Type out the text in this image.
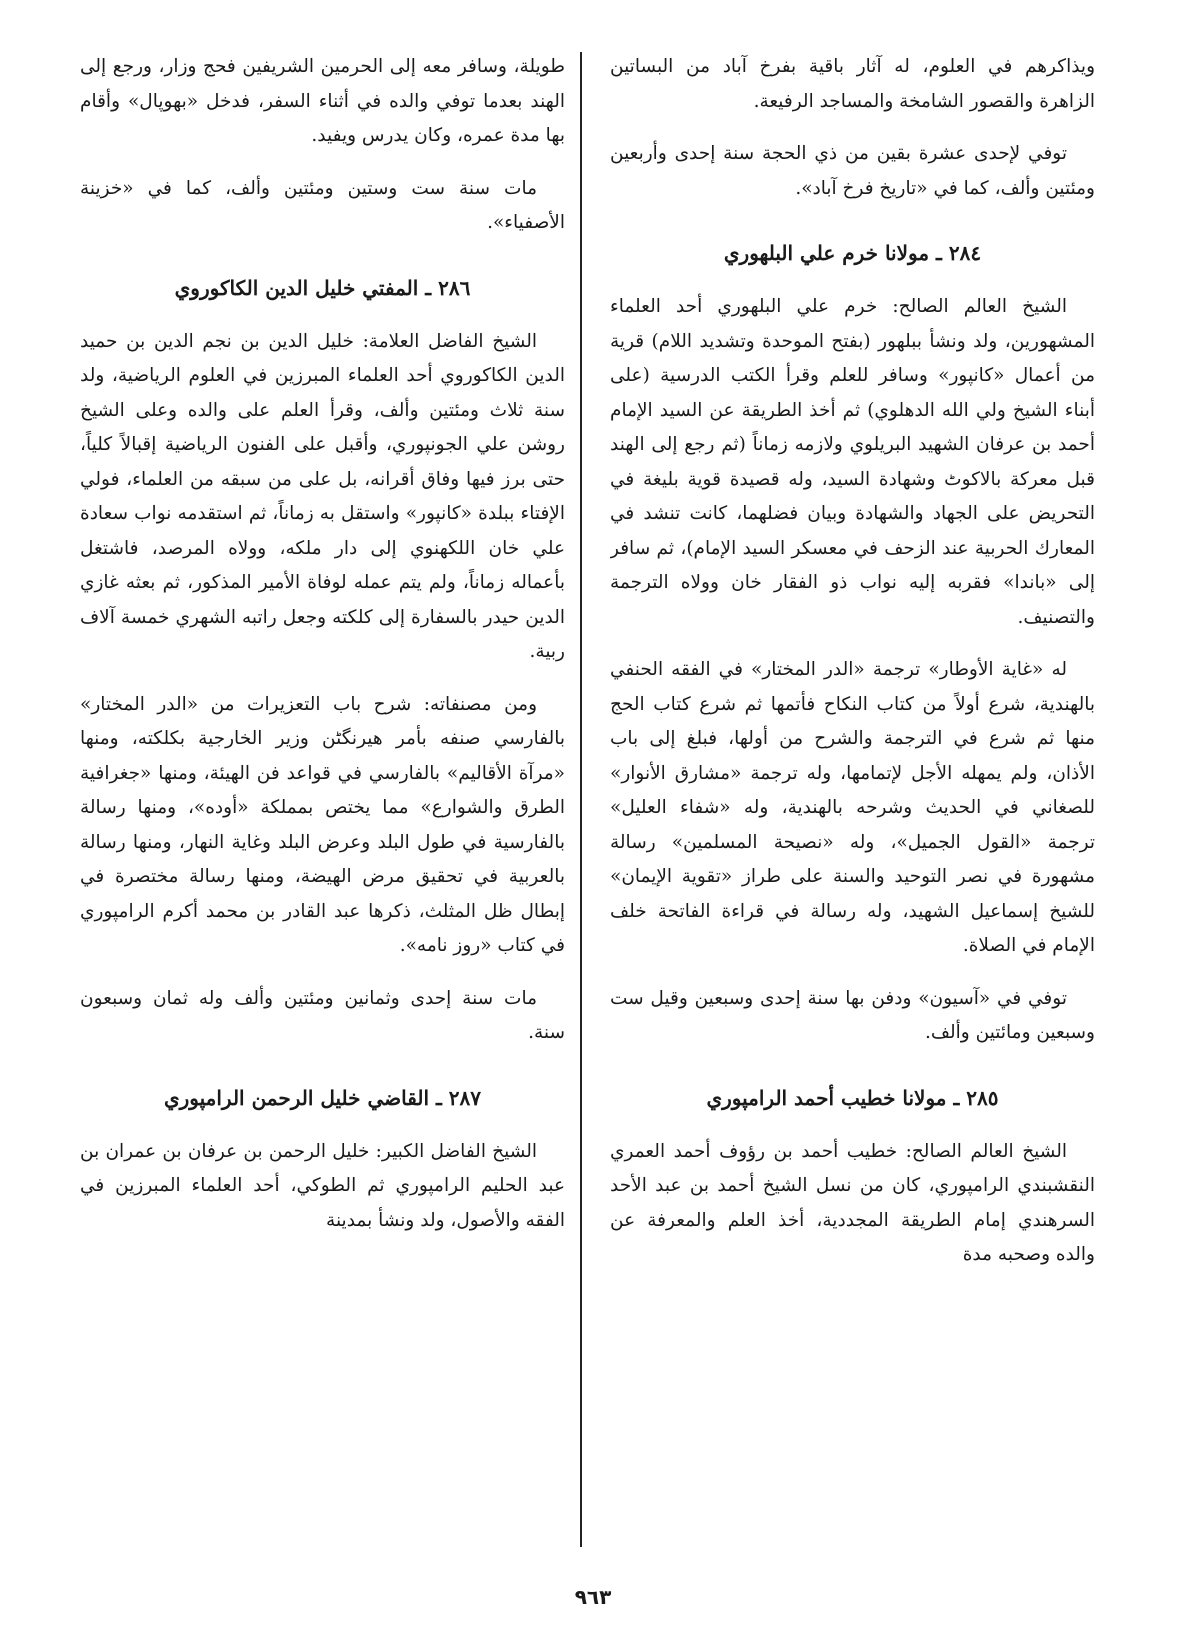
ويذاكرهم في العلوم، له آثار باقية بفرخ آباد من البساتين الزاهرة والقصور الشامخة والمساجد الرفيعة.

توفي لإحدى عشرة بقين من ذي الحجة سنة إحدى وأربعين ومئتين وألف، كما في «تاريخ فرخ آباد».

٢٨٤ ـ مولانا خرم علي البلهوري

الشيخ العالم الصالح: خرم علي البلهوري أحد العلماء المشهورين، ولد ونشأ ببلهور (بفتح الموحدة وتشديد اللام) قرية من أعمال «كانپور» وسافر للعلم وقرأ الكتب الدرسية (على أبناء الشيخ ولي الله الدهلوي) ثم أخذ الطريقة عن السيد الإمام أحمد بن عرفان الشهيد البريلوي ولازمه زماناً (ثم رجع إلى الهند قبل معركة بالاكوٹ وشهادة السيد، وله قصيدة قوية بليغة في التحريض على الجهاد والشهادة وبيان فضلهما، كانت تنشد في المعارك الحربية عند الزحف في معسكر السيد الإمام)، ثم سافر إلى «باندا» فقربه إليه نواب ذو الفقار خان وولاه الترجمة والتصنيف.

له «غاية الأوطار» ترجمة «الدر المختار» في الفقه الحنفي بالهندية، شرع أولاً من كتاب النكاح فأتمها ثم شرع كتاب الحج منها ثم شرع في الترجمة والشرح من أولها، فبلغ إلى باب الأذان، ولم يمهله الأجل لإتمامها، وله ترجمة «مشارق الأنوار» للصغاني في الحديث وشرحه بالهندية، وله «شفاء العليل» ترجمة «القول الجميل»، وله «نصيحة المسلمين» رسالة مشهورة في نصر التوحيد والسنة على طراز «تقوية الإيمان» للشيخ إسماعيل الشهيد، وله رسالة في قراءة الفاتحة خلف الإمام في الصلاة.

توفي في «آسيون» ودفن بها سنة إحدى وسبعين وقيل ست وسبعين ومائتين وألف.

٢٨٥ ـ مولانا خطيب أحمد الرامپوري

الشيخ العالم الصالح: خطيب أحمد بن رؤوف أحمد العمري النقشبندي الرامپوري، كان من نسل الشيخ أحمد بن عبد الأحد السرهندي إمام الطريقة المجددية، أخذ العلم والمعرفة عن والده وصحبه مدة

طويلة، وسافر معه إلى الحرمين الشريفين فحج وزار، ورجع إلى الهند بعدما توفي والده في أثناء السفر، فدخل «بهوپال» وأقام بها مدة عمره، وكان يدرس ويفيد.

مات سنة ست وستين ومئتين وألف، كما في «خزينة الأصفياء».

٢٨٦ ـ المفتي خليل الدين الكاكوروي

الشيخ الفاضل العلامة: خليل الدين بن نجم الدين بن حميد الدين الكاكوروي أحد العلماء المبرزين في العلوم الرياضية، ولد سنة ثلاث ومئتين وألف، وقرأ العلم على والده وعلى الشيخ روشن علي الجونپوري، وأقبل على الفنون الرياضية إقبالاً كلياً، حتى برز فيها وفاق أقرانه، بل على من سبقه من العلماء، فولي الإفتاء ببلدة «كانپور» واستقل به زماناً، ثم استقدمه نواب سعادة علي خان اللكهنوي إلى دار ملكه، وولاه المرصد، فاشتغل بأعماله زماناً، ولم يتم عمله لوفاة الأمير المذكور، ثم بعثه غازي الدين حيدر بالسفارة إلى كلكته وجعل راتبه الشهري خمسة آلاف ربية.

ومن مصنفاته: شرح باب التعزيرات من «الدر المختار» بالفارسي صنفه بأمر هيرنگٹن وزير الخارجية بكلكته، ومنها «مرآة الأقاليم» بالفارسي في قواعد فن الهيئة، ومنها «جغرافية الطرق والشوارع» مما يختص بمملكة «أوده»، ومنها رسالة بالفارسية في طول البلد وعرض البلد وغاية النهار، ومنها رسالة بالعربية في تحقيق مرض الهيضة، ومنها رسالة مختصرة في إبطال ظل المثلث، ذكرها عبد القادر بن محمد أكرم الرامپوري في كتاب «روز نامه».

مات سنة إحدى وثمانين ومئتين وألف وله ثمان وسبعون سنة.

٢٨٧ ـ القاضي خليل الرحمن الرامپوري

الشيخ الفاضل الكبير: خليل الرحمن بن عرفان بن عمران بن عبد الحليم الرامپوري ثم الطوكي، أحد العلماء المبرزين في الفقه والأصول، ولد ونشأ بمدينة

٩٦٣
